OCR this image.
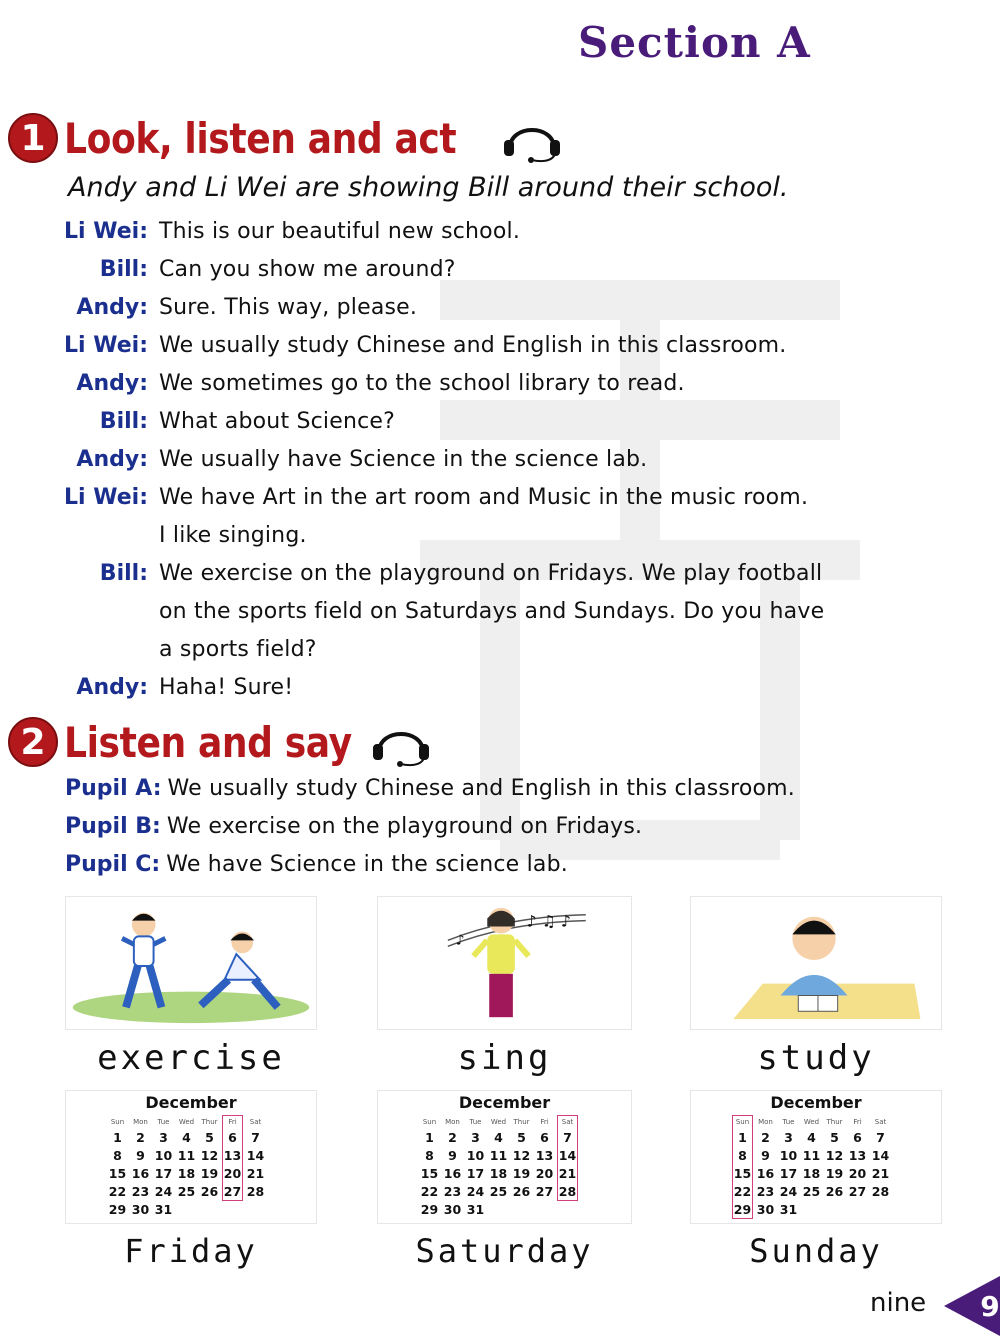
Section A
1 Look, listen and act
Andy and Li Wei are showing Bill around their school.
Li Wei: This is our beautiful new school.
Bill: Can you show me around?
Andy: Sure. This way, please.
Li Wei: We usually study Chinese and English in this classroom.
Andy: We sometimes go to the school library to read.
Bill: What about Science?
Andy: We usually have Science in the science lab.
Li Wei: We have Art in the art room and Music in the music room.
I like singing.
Bill: We exercise on the playground on Fridays. We play football
on the sports field on Saturdays and Sundays. Do you have
a sports field?
Andy: Haha! Sure!
2 Listen and say
Pupil A: We usually study Chinese and English in this classroom.
Pupil B: We exercise on the playground on Fridays.
Pupil C: We have Science in the science lab.
♪ ♫ ♪
♪
exercise	sing	study
December
Sun	Mon	Tue	Wed	Thur	Fri	Sat
1	2	3	4	5	6	7
8	9 10 11 12 13 14
15 16 17 18 19 20 21
22 23 24 25 26 27 28
29 30 31
December
Sun	Mon	Tue	Wed	Thur	Fri	Sat
1	2	3	4	5	6	7
8	9 10 11 12 13 14
15 16 17 18 19 20 21
22 23 24 25 26 27 28
29 30 31
December
Sun	Mon	Tue	Wed	Thur	Fri	Sat
1	2	3	4	5	6	7
8	9 10 11 12 13 14
15 16 17 18 19 20 21
22 23 24 25 26 27 28
29 30 31
Friday	Saturday	Sunday
nine 9
